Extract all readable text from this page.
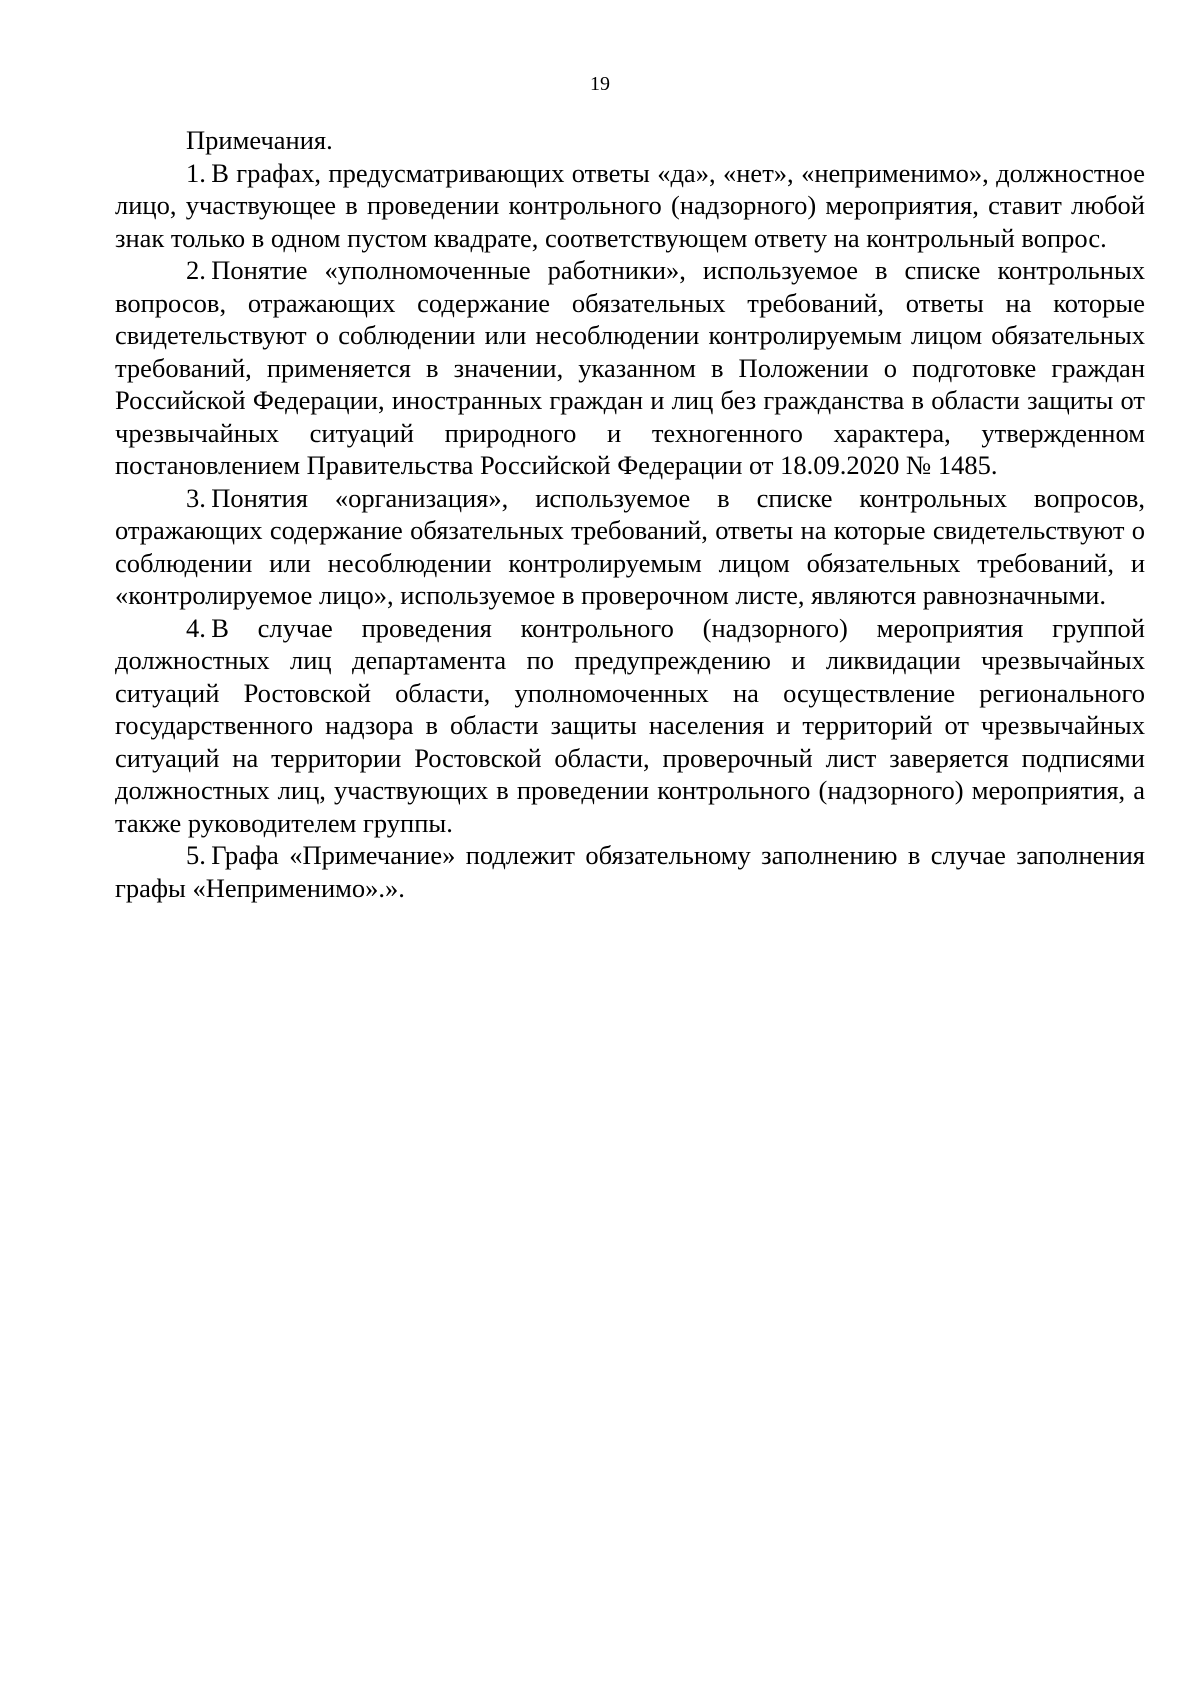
19

Примечания.

1.  В графах, предусматривающих ответы «да», «нет», «неприменимо», должностное лицо, участвующее в проведении контрольного (надзорного) мероприятия, ставит любой знак только в одном пустом квадрате, соответствующем ответу на контрольный вопрос.

2.  Понятие «уполномоченные работники», используемое в списке контрольных вопросов, отражающих содержание обязательных требований, ответы на которые свидетельствуют о соблюдении или несоблюдении контролируемым лицом обязательных требований, применяется в значении, указанном в Положении о подготовке граждан Российской Федерации, иностранных граждан и лиц без гражданства в области защиты от чрезвычайных ситуаций природного и техногенного характера, утвержденном постановлением Правительства Российской Федерации от 18.09.2020 № 1485.

3.  Понятия «организация», используемое в списке контрольных вопросов, отражающих содержание обязательных требований, ответы на которые свидетельствуют о соблюдении или несоблюдении контролируемым лицом обязательных требований, и «контролируемое лицо», используемое в проверочном листе, являются равнозначными.

4.  В случае проведения контрольного (надзорного) мероприятия группой должностных лиц департамента по предупреждению и ликвидации чрезвычайных ситуаций Ростовской области, уполномоченных на осуществление регионального государственного надзора в области защиты населения и территорий от чрезвычайных ситуаций на территории Ростовской области, проверочный лист заверяется подписями должностных лиц, участвующих в проведении контрольного (надзорного) мероприятия, а также руководителем группы.

5.  Графа «Примечание» подлежит обязательному заполнению в случае заполнения графы «Неприменимо».».
